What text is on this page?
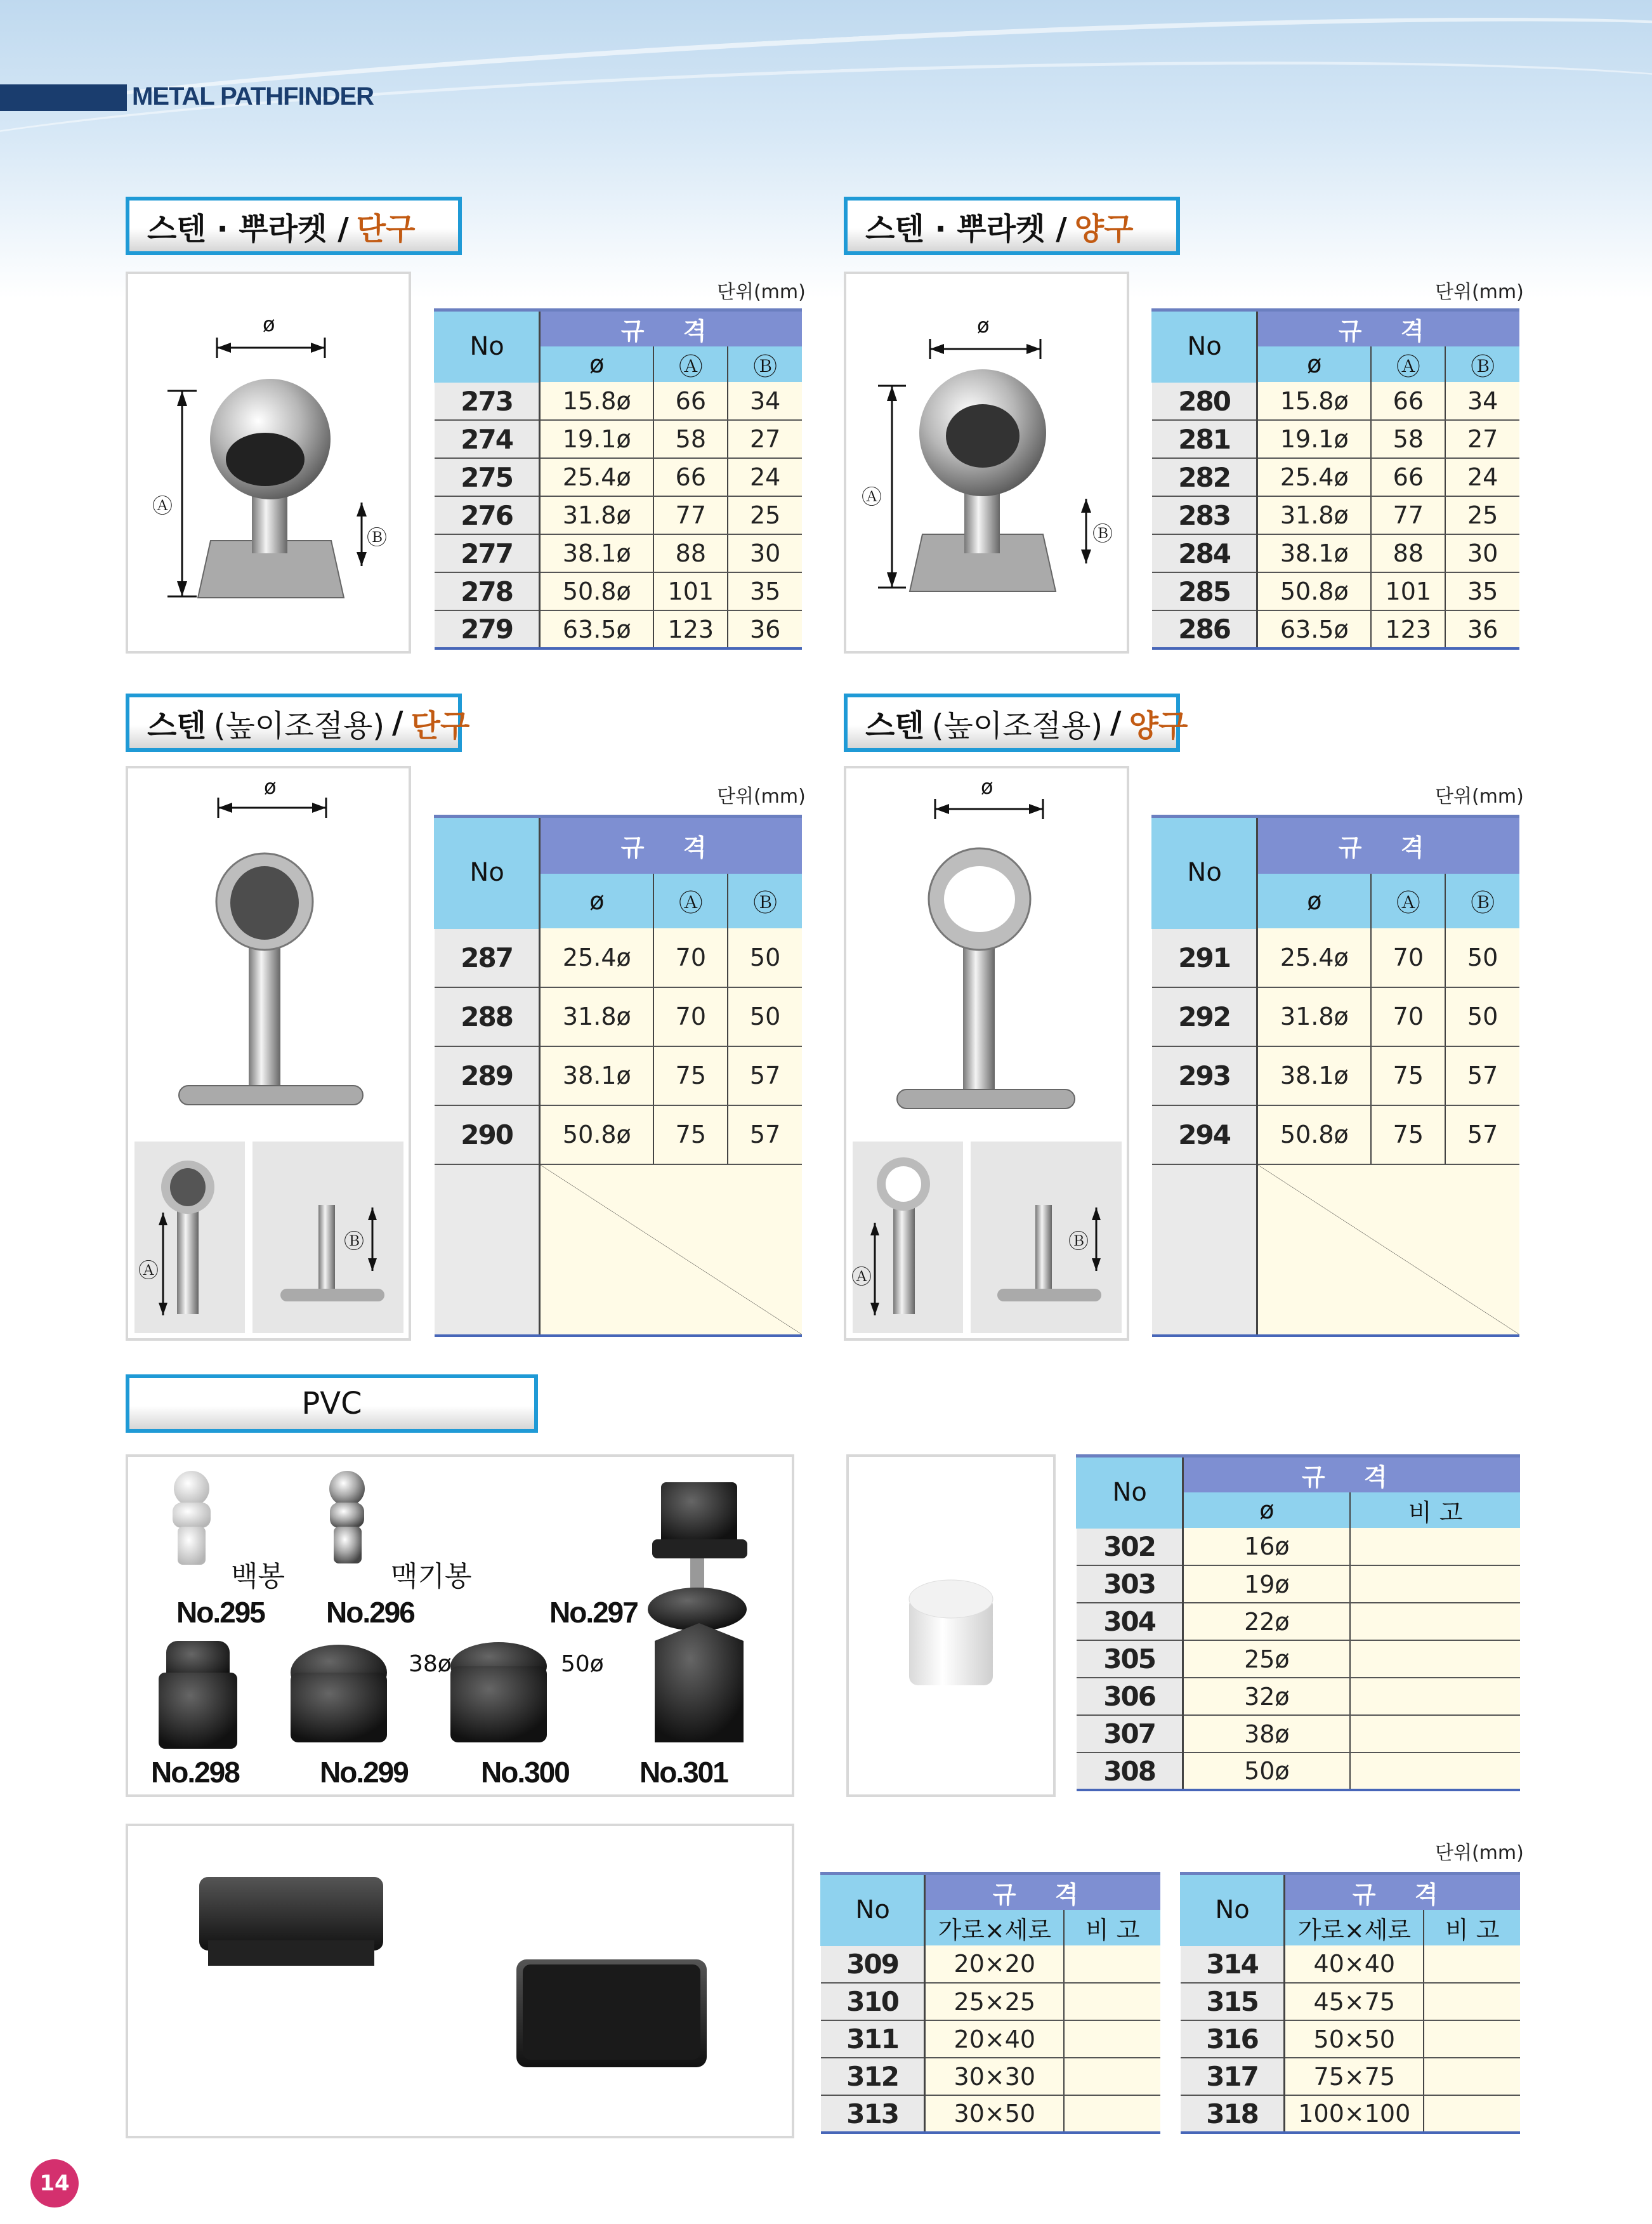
METAL PATHFINDER
스텐 · 뿌라켓 / 단구	스텐 · 뿌라켓 / 양구
스텐 (높이조절용) / 단구	스텐 (높이조절용) / 양구
PVC
ø
Ⓐ
Ⓑ
ø
Ⓐ
Ⓑ
ø
Ⓐ
Ⓑ
ø
Ⓐ
Ⓑ
단위(mm)	단위(mm)
단위(mm)	단위(mm)
단위(mm)
No	규 격		
	ø	Ⓐ	Ⓑ
273	15.8ø	66	34
274	19.1ø	58	27
275	25.4ø	66	24
276	31.8ø	77	25
277	38.1ø	88	30
278	50.8ø	101	35
279	63.5ø	123	36
No	규 격		
	ø	Ⓐ	Ⓑ
280	15.8ø	66	34
281	19.1ø	58	27
282	25.4ø	66	24
283	31.8ø	77	25
284	38.1ø	88	30
285	50.8ø	101	35
286	63.5ø	123	36
No	규 격		
	ø	Ⓐ	Ⓑ
287	25.4ø	70	50
288	31.8ø	70	50
289	38.1ø	75	57
290	50.8ø	75	57

No	규 격		
	ø	Ⓐ	Ⓑ
291	25.4ø	70	50
292	31.8ø	70	50
293	38.1ø	75	57
294	50.8ø	75	57

백봉	맥기봉
No.295 No.296	No.297
38ø	50ø
No.298	No.299	No.300 No.301
No	규 격	
	ø	비 고
302	16ø	
303	19ø	
304	22ø	
305	25ø	
306	32ø	
307	38ø	
308	50ø	
No	규 격	
	가로×세로	비 고
309	20×20	
310	25×25	
311	20×40	
312	30×30	
313	30×50	
No	규 격	
	가로×세로	비 고
314	40×40	
315	45×75	
316	50×50	
317	75×75	
318	100×100	
14
